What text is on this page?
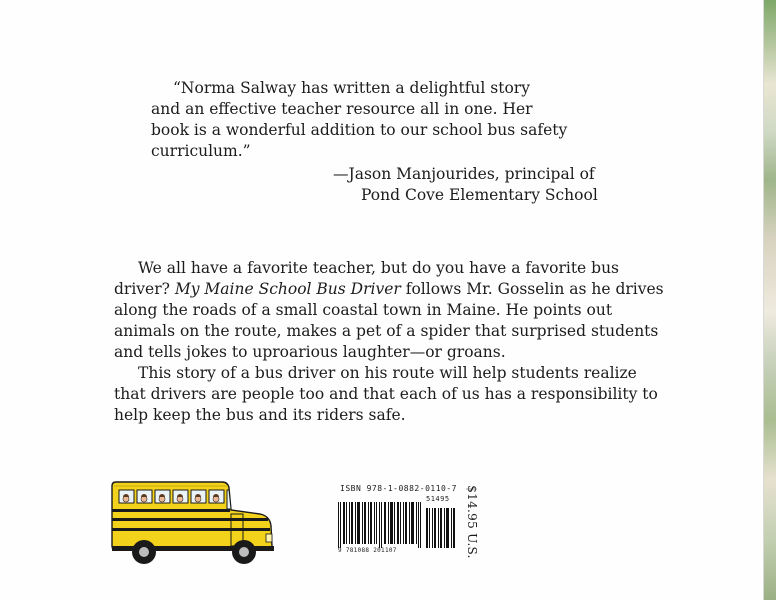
“Norma Salway has written a delightful story

and an effective teacher resource all in one. Her

book is a wonderful addition to our school bus safety

curriculum.”

—Jason Manjourides, principal of
Pond Cove Elementary School

We all have a favorite teacher, but do you have a favorite bus

driver? My Maine School Bus Driver follows Mr. Gosselin as he drives

along the roads of a small coastal town in Maine. He points out

animals on the route, makes a pet of a spider that surprised students

and tells jokes to uproarious laughter—or groans.

This story of a bus driver on his route will help students realize

that drivers are people too and that each of us has a responsibility to

help keep the bus and its riders safe.

ISBN 978-1-0882-0110-7
51495
9 781088 201107	$14.95 U.S.
